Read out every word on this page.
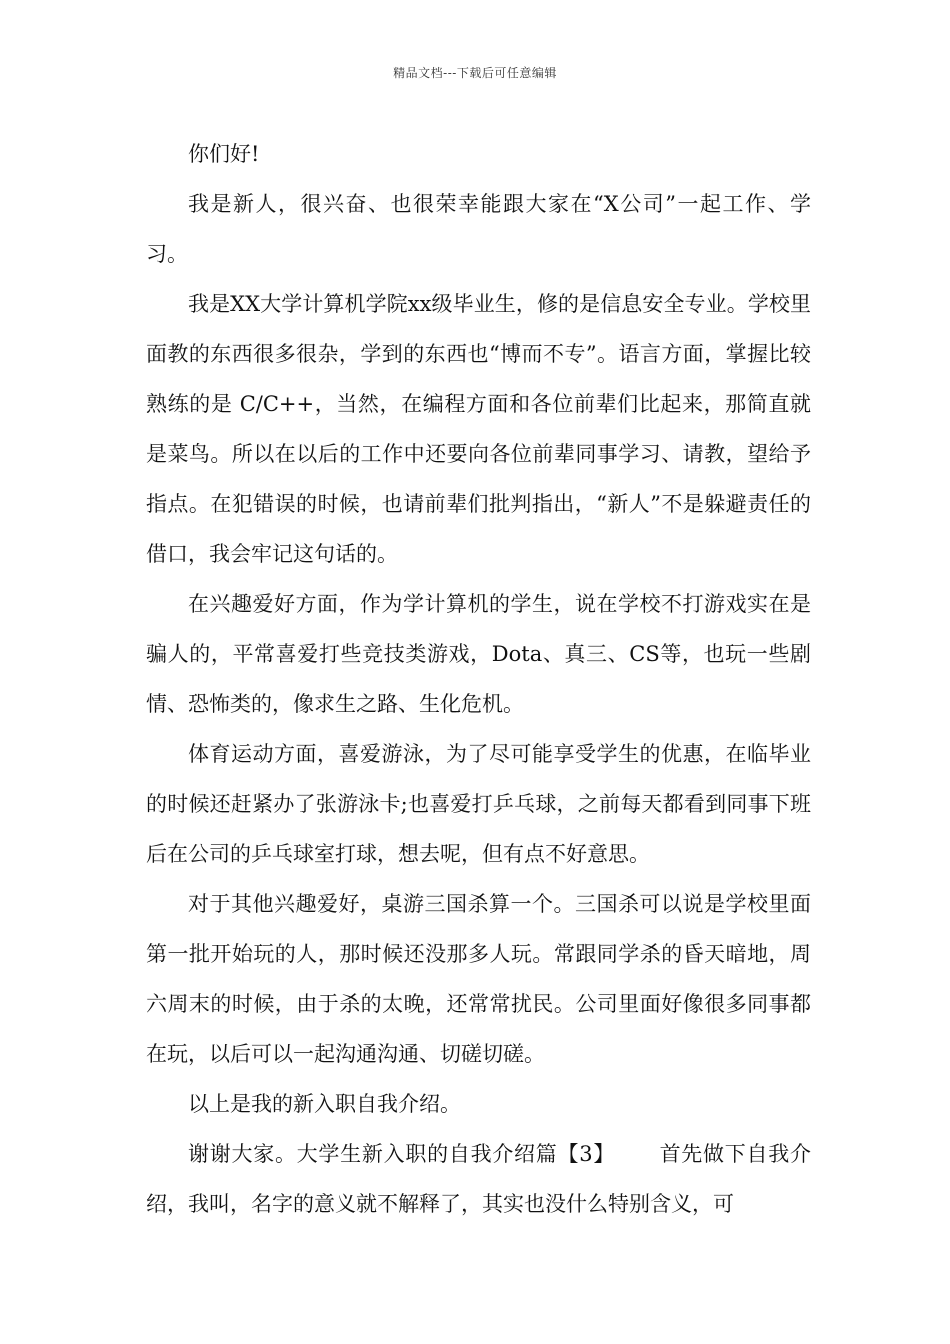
精品文档---下载后可任意编辑

你们好!

我是新人，很兴奋、也很荣幸能跟大家在“X公司”一起工作、学习。

我是XX大学计算机学院xx级毕业生，修的是信息安全专业。学校里面教的东西很多很杂，学到的东西也“博而不专”。语言方面，掌握比较熟练的是 C/C++，当然，在编程方面和各位前辈们比起来，那简直就是菜鸟。所以在以后的工作中还要向各位前辈同事学习、请教，望给予指点。在犯错误的时候，也请前辈们批判指出，“新人”不是躲避责任的借口，我会牢记这句话的。

在兴趣爱好方面，作为学计算机的学生，说在学校不打游戏实在是骗人的，平常喜爱打些竞技类游戏，Dota、真三、CS等，也玩一些剧情、恐怖类的，像求生之路、生化危机。

体育运动方面，喜爱游泳，为了尽可能享受学生的优惠，在临毕业的时候还赶紧办了张游泳卡;也喜爱打乒乓球，之前每天都看到同事下班后在公司的乒乓球室打球，想去呢，但有点不好意思。

对于其他兴趣爱好，桌游三国杀算一个。三国杀可以说是学校里面第一批开始玩的人，那时候还没那多人玩。常跟同学杀的昏天暗地，周六周末的时候，由于杀的太晚，还常常扰民。公司里面好像很多同事都在玩，以后可以一起沟通沟通、切磋切磋。

以上是我的新入职自我介绍。

谢谢大家。大学生新入职的自我介绍篇【3】      首先做下自我介绍，我叫，名字的意义就不解释了，其实也没什么特别含义，可
